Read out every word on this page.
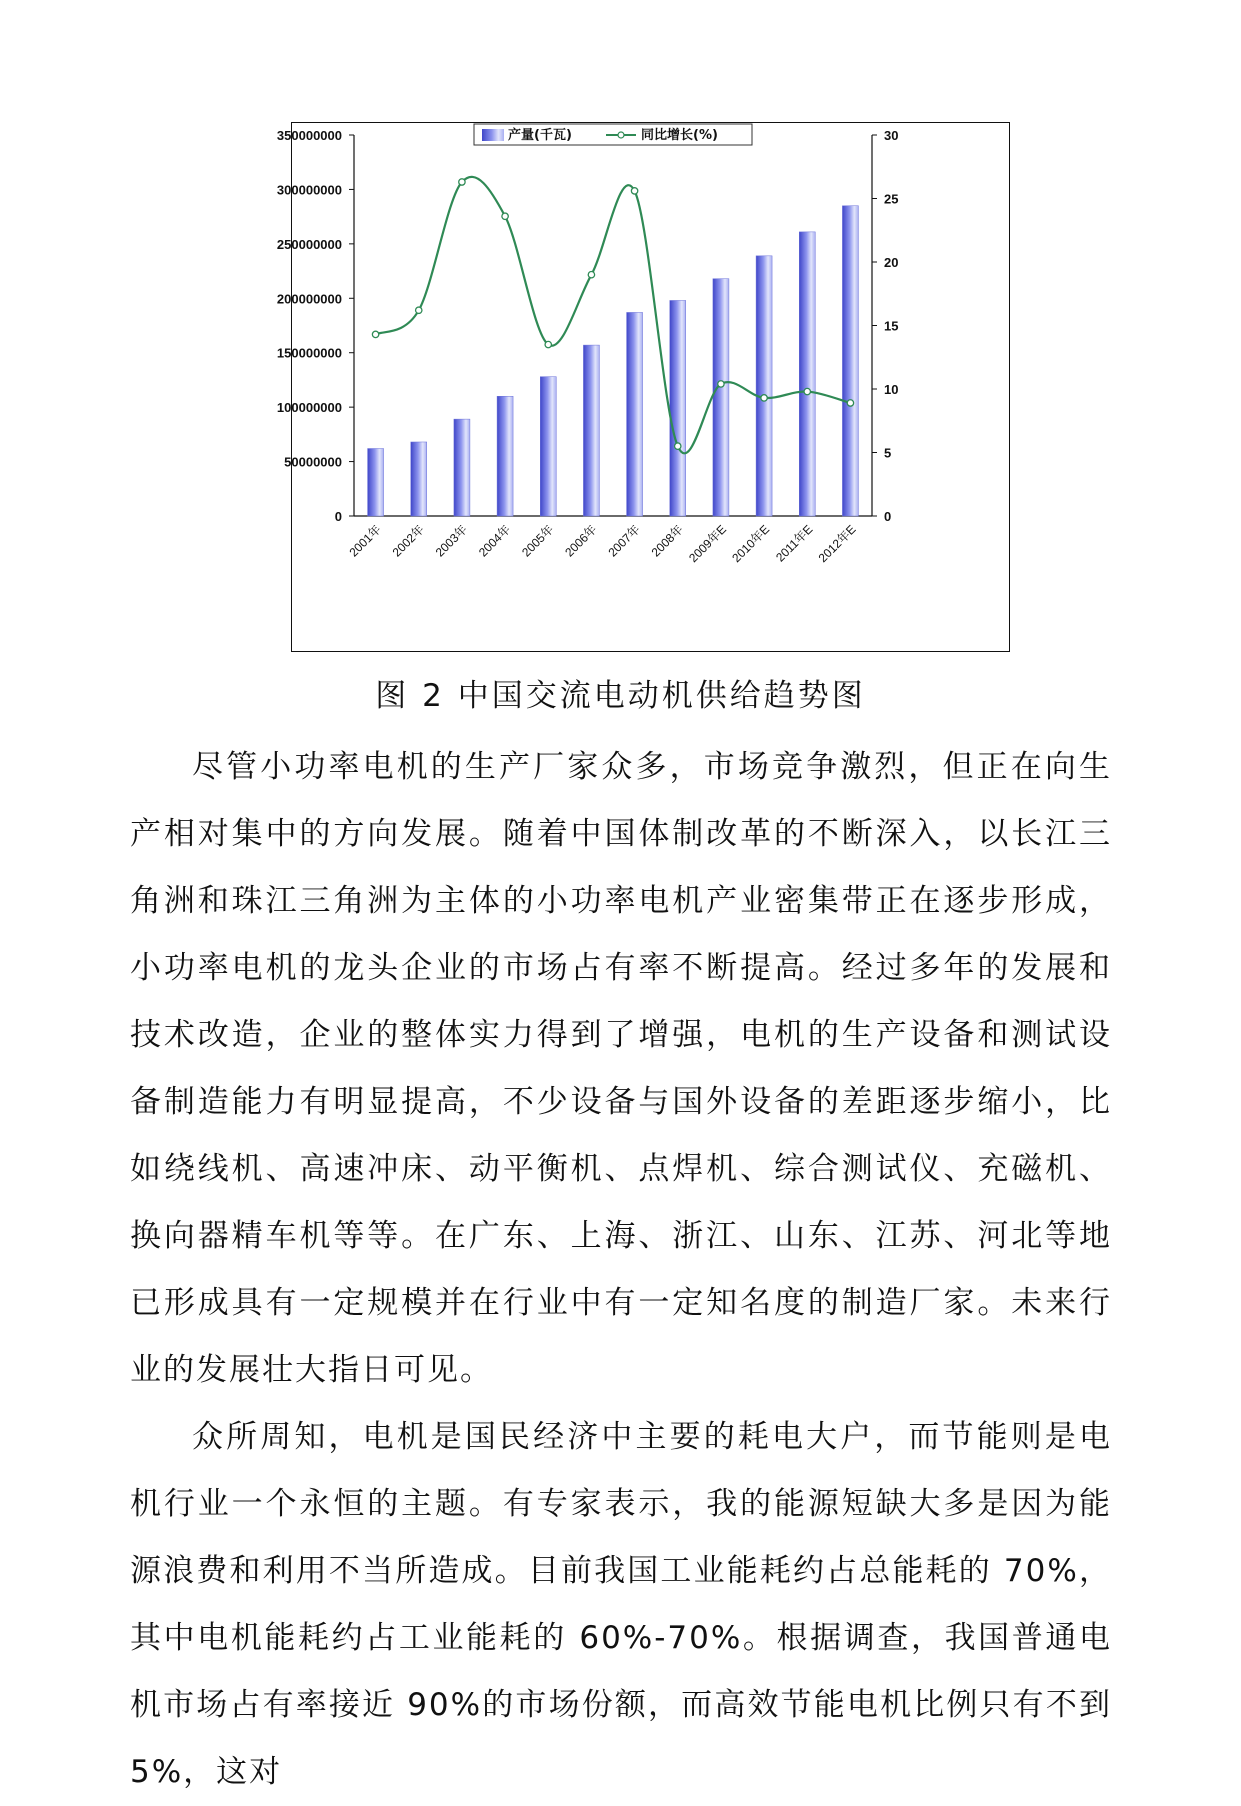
产量(千瓦)	同比增长(%)
0
50000000
100000000
150000000
200000000
250000000
300000000
350000000
0
5
10
15
20
25
30
2001年 2002年 2003年 2004年 2005年 2006年 2007年 2008年 2009年E 2010年E 2011年E 2012年E
图 2 中国交流电动机供给趋势图

尽管小功率电机的生产厂家众多，市场竞争激烈，但正在向生产相对集中的方向发展。随着中国体制改革的不断深入，以长江三角洲和珠江三角洲为主体的小功率电机产业密集带正在逐步形成，小功率电机的龙头企业的市场占有率不断提高。经过多年的发展和技术改造，企业的整体实力得到了增强，电机的生产设备和测试设备制造能力有明显提高，不少设备与国外设备的差距逐步缩小，比如绕线机、高速冲床、动平衡机、点焊机、综合测试仪、充磁机、换向器精车机等等。在广东、上海、浙江、山东、江苏、河北等地已形成具有一定规模并在行业中有一定知名度的制造厂家。未来行业的发展壮大指日可见。

众所周知，电机是国民经济中主要的耗电大户，而节能则是电机行业一个永恒的主题。有专家表示，我的能源短缺大多是因为能源浪费和利用不当所造成。目前我国工业能耗约占总能耗的 70%，其中电机能耗约占工业能耗的 60%-70%。根据调查，我国普通电机市场占有率接近 90%的市场份额，而高效节能电机比例只有不到 5%，这对
